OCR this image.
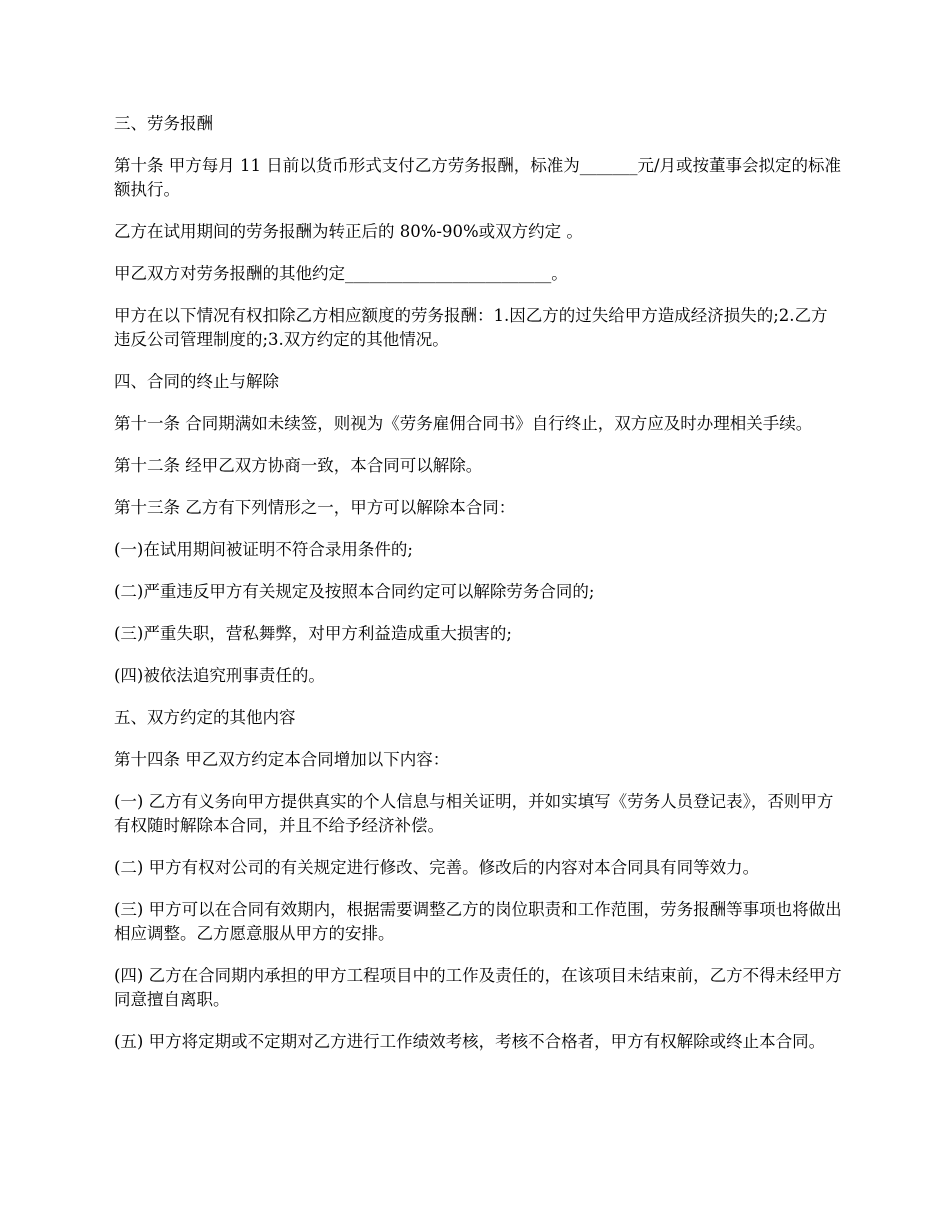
三、劳务报酬

第十条 甲方每月 11 日前以货币形式支付乙方劳务报酬，标准为_______元/月或按董事会拟定的标准额执行。

乙方在试用期间的劳务报酬为转正后的 80%-90%或双方约定 。

甲乙双方对劳务报酬的其他约定_________________________。

甲方在以下情况有权扣除乙方相应额度的劳务报酬：1.因乙方的过失给甲方造成经济损失的;2.乙方违反公司管理制度的;3.双方约定的其他情况。

四、合同的终止与解除

第十一条 合同期满如未续签，则视为《劳务雇佣合同书》自行终止，双方应及时办理相关手续。

第十二条 经甲乙双方协商一致，本合同可以解除。

第十三条 乙方有下列情形之一，甲方可以解除本合同：

(一)在试用期间被证明不符合录用条件的;

(二)严重违反甲方有关规定及按照本合同约定可以解除劳务合同的;

(三)严重失职，营私舞弊，对甲方利益造成重大损害的;

(四)被依法追究刑事责任的。

五、双方约定的其他内容

第十四条 甲乙双方约定本合同增加以下内容：

(一) 乙方有义务向甲方提供真实的个人信息与相关证明，并如实填写《劳务人员登记表》，否则甲方有权随时解除本合同，并且不给予经济补偿。

(二) 甲方有权对公司的有关规定进行修改、完善。修改后的内容对本合同具有同等效力。

(三) 甲方可以在合同有效期内，根据需要调整乙方的岗位职责和工作范围，劳务报酬等事项也将做出相应调整。乙方愿意服从甲方的安排。

(四) 乙方在合同期内承担的甲方工程项目中的工作及责任的，在该项目未结束前，乙方不得未经甲方同意擅自离职。

(五) 甲方将定期或不定期对乙方进行工作绩效考核，考核不合格者，甲方有权解除或终止本合同。
